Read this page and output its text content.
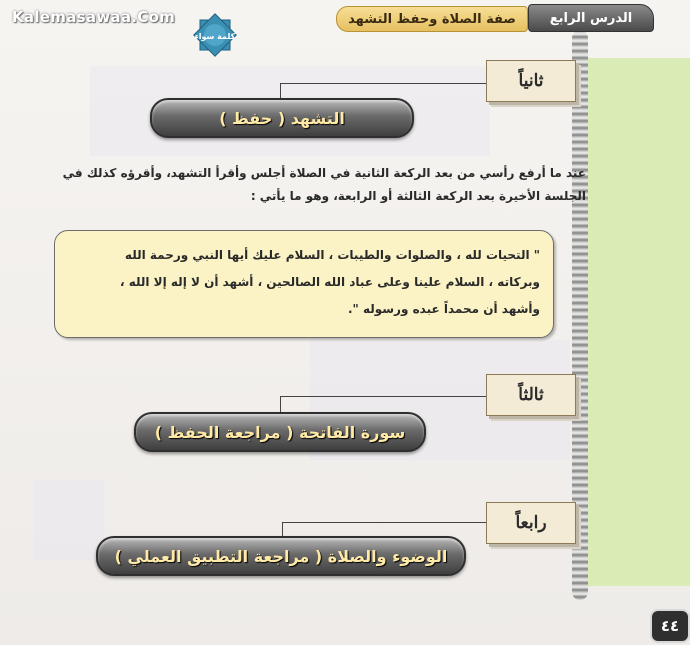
Kalemasawaa.Com
كلمة سواء
صفة الصلاة وحفظ التشهد	الدرس الرابع
ثانياً
التشهد ( حفظ )
عند ما أرفع رأسي من بعد الركعة الثانية في الصلاة أجلس وأقرأ التشهد، وأقرؤه كذلك في
الجلسة الأخيرة بعد الركعة الثالثة أو الرابعة، وهو ما يأتي :
" التحيات لله ، والصلوات والطيبات ، السلام عليك أيها النبي ورحمة الله
وبركاته ، السلام علينا وعلى عباد الله الصالحين ، أشهد أن لا إله إلا الله ،
وأشهد أن محمداً عبده ورسوله ".
ثالثاً
سورة الفاتحة ( مراجعة الحفظ )
رابعاً
الوضوء والصلاة ( مراجعة التطبيق العملي )
٤٤
